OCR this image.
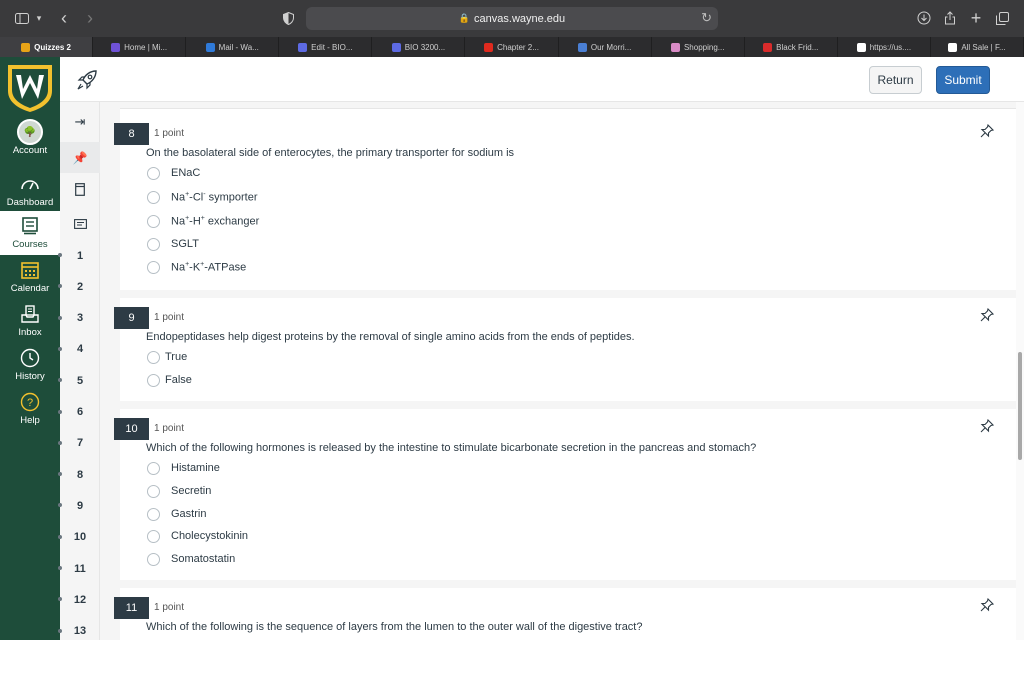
▾ ‹ ›	🔒 canvas.wayne.edu	↻	+
Quizzes 2	Home | Mi...	Mail - Wa...	Edit - BIO...	BIO 3200...	Chapter 2...	Our Morri...	Shopping...	Black Frid...	https://us....	All Sale | F...
🌳
Account
Dashboard
Courses
Calendar
Inbox
History
?
Help
⇤
Return	Submit
⇥
📌
1
2
3
4
5
6
7
8
9
10
11
12
13
8	1 point
On the basolateral side of enterocytes, the primary transporter for sodium is
ENaC
Na+-Cl- symporter
Na+-H+ exchanger
SGLT
Na+-K+-ATPase
9	1 point
Endopeptidases help digest proteins by the removal of single amino acids from the ends of peptides.
True
False
10	1 point
Which of the following hormones is released by the intestine to stimulate bicarbonate secretion in the pancreas and stomach?
Histamine
Secretin
Gastrin
Cholecystokinin
Somatostatin
11	1 point
Which of the following is the sequence of layers from the lumen to the outer wall of the digestive tract?
